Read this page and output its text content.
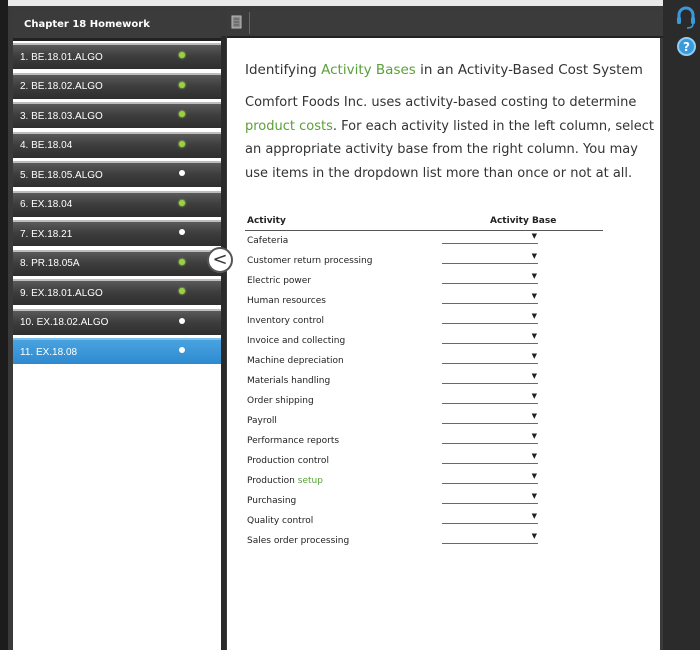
Chapter 18 Homework
1. BE.18.01.ALGO
2. BE.18.02.ALGO
3. BE.18.03.ALGO
4. BE.18.04
5. BE.18.05.ALGO
6. EX.18.04
7. EX.18.21
8. PR.18.05A
9. EX.18.01.ALGO
10. EX.18.02.ALGO
11. EX.18.08
Identifying Activity Bases in an Activity-Based Cost System
Comfort Foods Inc. uses activity-based costing to determine product costs. For each activity listed in the left column, select an appropriate activity base from the right column. You may use items in the dropdown list more than once or not at all.
Activity	Activity Base
Cafeteria	▼
Customer return processing	▼
Electric power	▼
Human resources	▼
Inventory control	▼
Invoice and collecting	▼
Machine depreciation	▼
Materials handling	▼
Order shipping	▼
Payroll	▼
Performance reports	▼
Production control	▼
Production setup	▼
Purchasing	▼
Quality control	▼
Sales order processing	▼
<
?
